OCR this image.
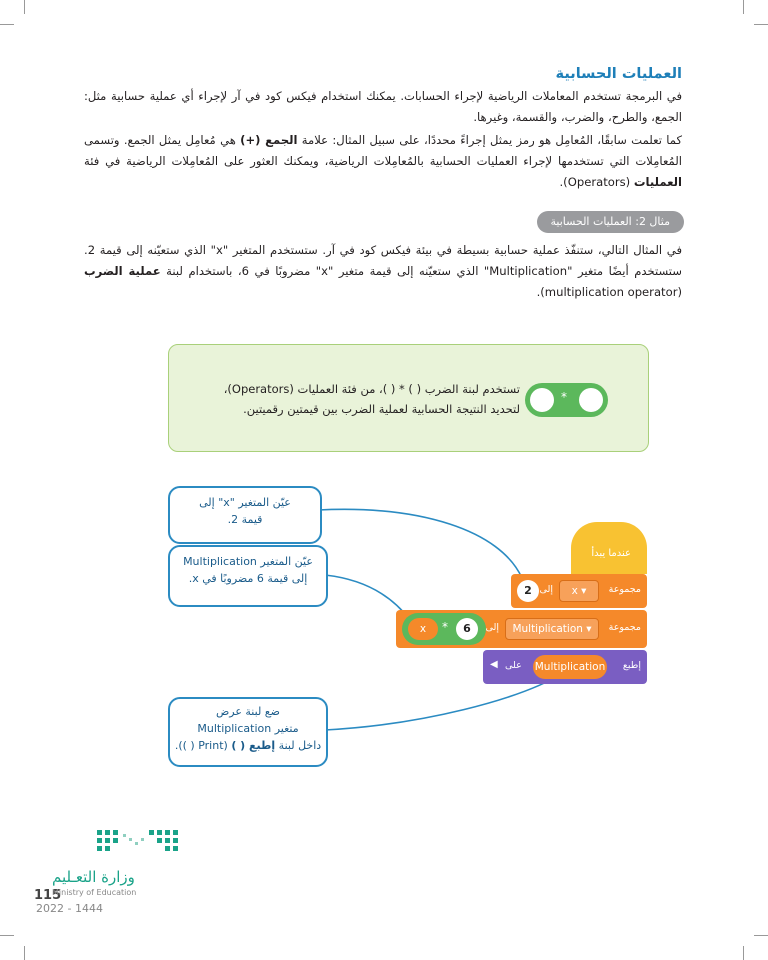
العمليات الحسابية
في البرمجة تستخدم المعاملات الرياضية لإجراء الحسابات. يمكنك استخدام فيكس كود في آر لإجراء أي عملية حسابية مثل: الجمع، والطرح، والضرب، والقسمة، وغيرها.
كما تعلمت سابقًا، المُعامِل هو رمز يمثل إجراءً محددًا، على سبيل المثال: علامة الجمع (+) هي مُعامِل يمثل الجمع. وتسمى المُعامِلات التي تستخدمها لإجراء العمليات الحسابية بالمُعامِلات الرياضية، ويمكنك العثور على المُعامِلات الرياضية في فئة العمليات (Operators).
مثال 2: العمليات الحسابية
في المثال التالي، ستنفّذ عملية حسابية بسيطة في بيئة فيكس كود في آر. ستستخدم المتغير "x" الذي ستعيّنه إلى قيمة 2. ستستخدم أيضًا متغير "Multiplication" الذي ستعيّنه إلى قيمة متغير "x" مضروبًا في 6، باستخدام لبنة عملية الضرب (multiplication operator).
*
تستخدم لبنة الضرب ( ) * ( )، من فئة العمليات (Operators)،
لتحديد النتيجة الحسابية لعملية الضرب بين قيمتين رقميتين.
عيّن المتغير "x" إلى
قيمة 2.
عيّن المتغير Multiplication
إلى قيمة 6 مضروبًا في x.
ضع لبنة عرض
متغير Multiplication
داخل لبنة إطبع ( ) (Print ( )).
عندما يبدأ
مجموعة
x ▾
إلى
2
مجموعة
Multiplication ▾
إلى
x	*	6
إطبع
Multiplication
على
◀
وزارة التعـليم
115
Ministry of Education
2022 - 1444
